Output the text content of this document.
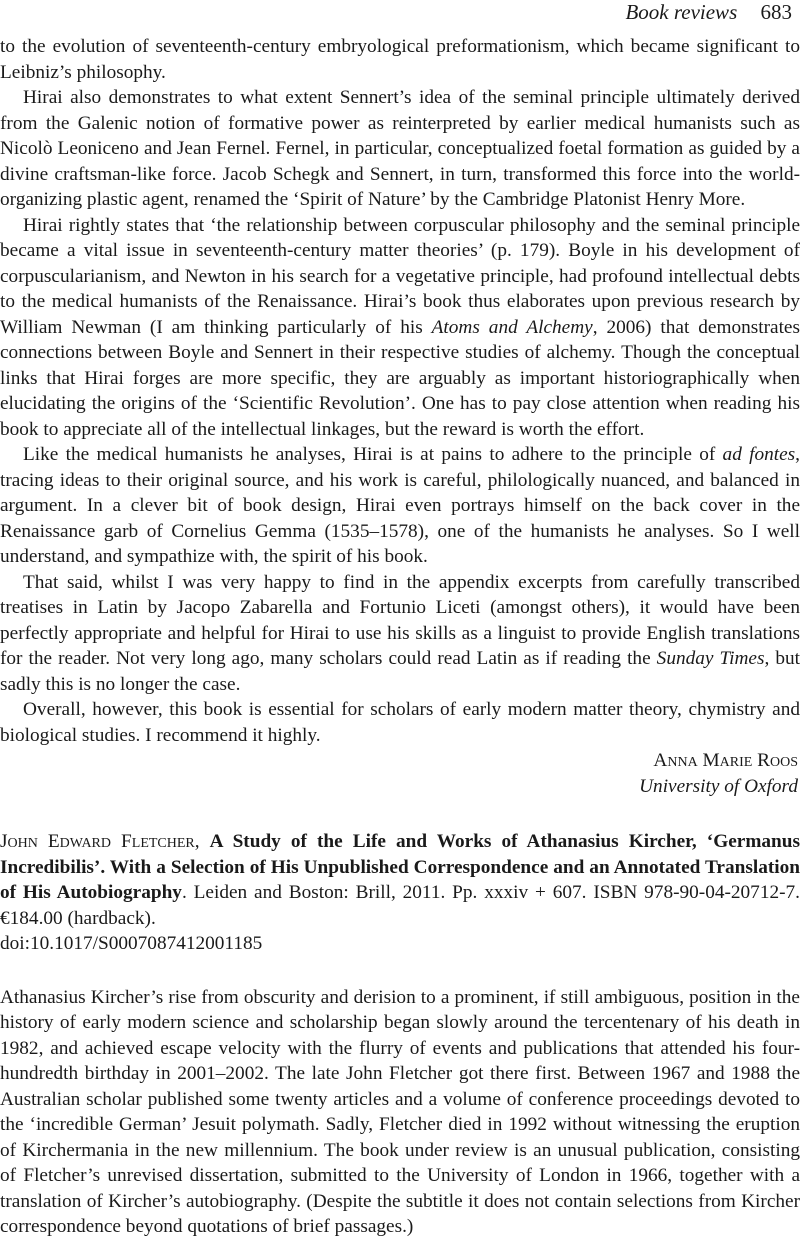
Book reviews 683

to the evolution of seventeenth-century embryological preformationism, which became significant to Leibniz’s philosophy.

Hirai also demonstrates to what extent Sennert’s idea of the seminal principle ultimately derived from the Galenic notion of formative power as reinterpreted by earlier medical humanists such as Nicolò Leoniceno and Jean Fernel. Fernel, in particular, conceptualized foetal formation as guided by a divine craftsman-like force. Jacob Schegk and Sennert, in turn, transformed this force into the world-organizing plastic agent, renamed the ‘Spirit of Nature’ by the Cambridge Platonist Henry More.

Hirai rightly states that ‘the relationship between corpuscular philosophy and the seminal principle became a vital issue in seventeenth-century matter theories’ (p. 179). Boyle in his development of corpuscularianism, and Newton in his search for a vegetative principle, had profound intellectual debts to the medical humanists of the Renaissance. Hirai’s book thus elaborates upon previous research by William Newman (I am thinking particularly of his Atoms and Alchemy, 2006) that demonstrates connections between Boyle and Sennert in their respective studies of alchemy. Though the conceptual links that Hirai forges are more specific, they are arguably as important historiographically when elucidating the origins of the ‘Scientific Revolution’. One has to pay close attention when reading his book to appreciate all of the intellectual linkages, but the reward is worth the effort.

Like the medical humanists he analyses, Hirai is at pains to adhere to the principle of ad fontes, tracing ideas to their original source, and his work is careful, philologically nuanced, and balanced in argument. In a clever bit of book design, Hirai even portrays himself on the back cover in the Renaissance garb of Cornelius Gemma (1535–1578), one of the humanists he analyses. So I well understand, and sympathize with, the spirit of his book.

That said, whilst I was very happy to find in the appendix excerpts from carefully transcribed treatises in Latin by Jacopo Zabarella and Fortunio Liceti (amongst others), it would have been perfectly appropriate and helpful for Hirai to use his skills as a linguist to provide English translations for the reader. Not very long ago, many scholars could read Latin as if reading the Sunday Times, but sadly this is no longer the case.

Overall, however, this book is essential for scholars of early modern matter theory, chymistry and biological studies. I recommend it highly.

Anna Marie Roos
University of Oxford

John Edward Fletcher, A Study of the Life and Works of Athanasius Kircher, ‘Germanus Incredibilis’. With a Selection of His Unpublished Correspondence and an Annotated Translation of His Autobiography. Leiden and Boston: Brill, 2011. Pp. xxxiv + 607. ISBN 978-90-04-20712-7. €184.00 (hardback).

doi:10.1017/S0007087412001185

Athanasius Kircher’s rise from obscurity and derision to a prominent, if still ambiguous, position in the history of early modern science and scholarship began slowly around the tercentenary of his death in 1982, and achieved escape velocity with the flurry of events and publications that attended his four-hundredth birthday in 2001–2002. The late John Fletcher got there first. Between 1967 and 1988 the Australian scholar published some twenty articles and a volume of conference proceedings devoted to the ‘incredible German’ Jesuit polymath. Sadly, Fletcher died in 1992 without witnessing the eruption of Kirchermania in the new millennium. The book under review is an unusual publication, consisting of Fletcher’s unrevised dissertation, submitted to the University of London in 1966, together with a translation of Kircher’s autobiography. (Despite the subtitle it does not contain selections from Kircher correspondence beyond quotations of brief passages.)
